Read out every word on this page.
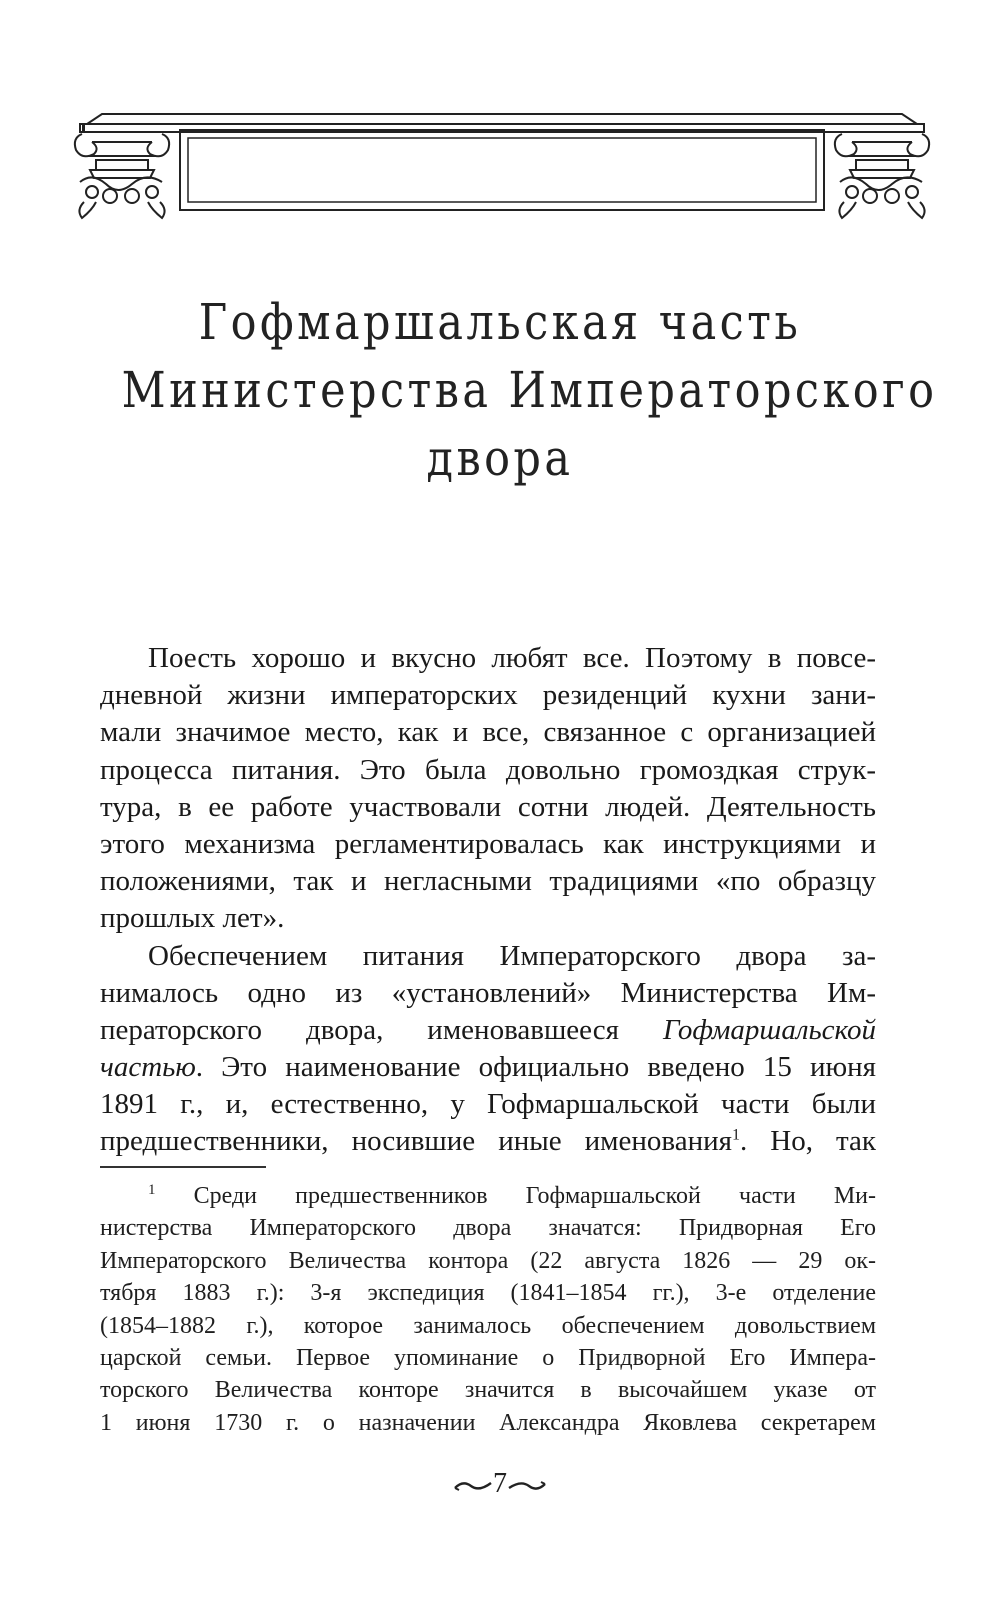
Гофмаршальская часть
Министерства Императорского
двора
Поесть хорошо и вкусно любят все. Поэтому в повсе-
дневной жизни императорских резиденций кухни зани-
мали значимое место, как и все, связанное с организацией
процесса питания. Это была довольно громоздкая струк-
тура, в ее работе участвовали сотни людей. Деятельность
этого механизма регламентировалась как инструкциями и
положениями, так и негласными традициями «по образцу
прошлых лет».
Обеспечением питания Императорского двора за-
нималось одно из «установлений» Министерства Им-
ператорского двора, именовавшееся Гофмаршальской
частью. Это наименование официально введено 15 июня
1891 г., и, естественно, у Гофмаршальской части были
предшественники, носившие иные именования$^1$. Но, так
$^1$ Среди предшественников Гофмаршальской части Ми-
нистерства Императорского двора значатся: Придворная Его
Императорского Величества контора (22 августа 1826 — 29 ок-
тября 1883 г.): 3-я экспедиция (1841–1854 гг.), 3-е отделение
(1854–1882 г.), которое занималось обеспечением довольствием
царской семьи. Первое упоминание о Придворной Его Импера-
торского Величества конторе значится в высочайшем указе от
1 июня 1730 г. о назначении Александра Яковлева секретарем
7
